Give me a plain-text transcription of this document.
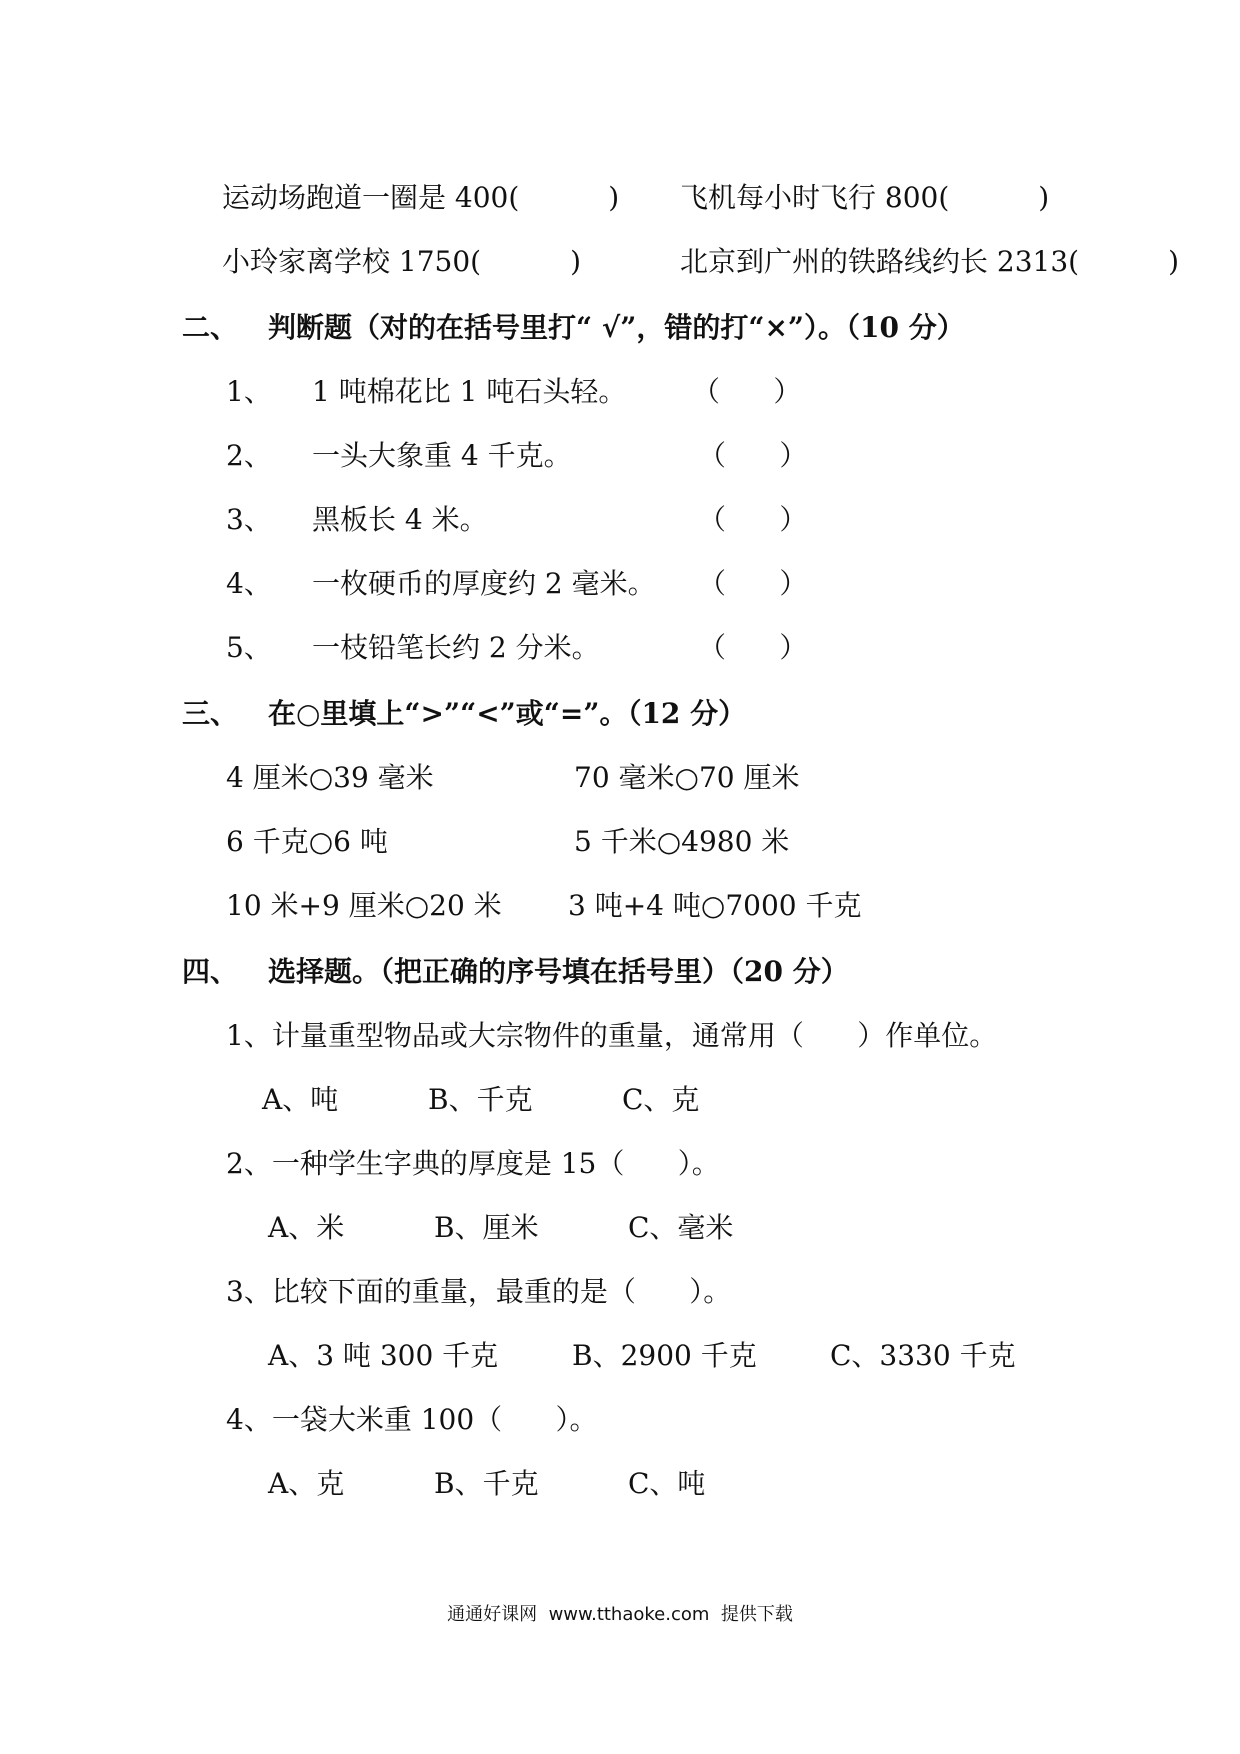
运动场跑道一圈是 400(          ) 飞机每小时飞行 800(          )
小玲家离学校 1750(          )	北京到广州的铁路线约长 2313(          )
二、 判断题（对的在括号里打“ √”，错的打“×”）。（10 分）
1、 1 吨棉花比 1 吨石头轻。 （      ）
2、 一头大象重 4 千克。	（      ）
3、 黑板长 4 米。	（      ）
4、 一枚硬币的厚度约 2 毫米。 （      ）
5、 一枝铅笔长约 2 分米。	（      ）
三、 在○里填上“>”“<”或“=”。（12 分）
4 厘米○39 毫米	70 毫米○70 厘米
6 千克○6 吨	5 千米○4980 米
10 米+9 厘米○20 米 3 吨+4 吨○7000 千克
四、 选择题。（把正确的序号填在括号里）（20 分）
1、计量重型物品或大宗物件的重量，通常用（      ）作单位。
A、吨	B、千克	C、克
2、一种学生字典的厚度是 15（      ）。
A、米	B、厘米	C、毫米
3、比较下面的重量，最重的是（      ）。
A、3 吨 300 千克	B、2900 千克	C、3330 千克
4、一袋大米重 100（      ）。
A、克	B、千克	C、吨
通通好课网  www.tthaoke.com  提供下载
